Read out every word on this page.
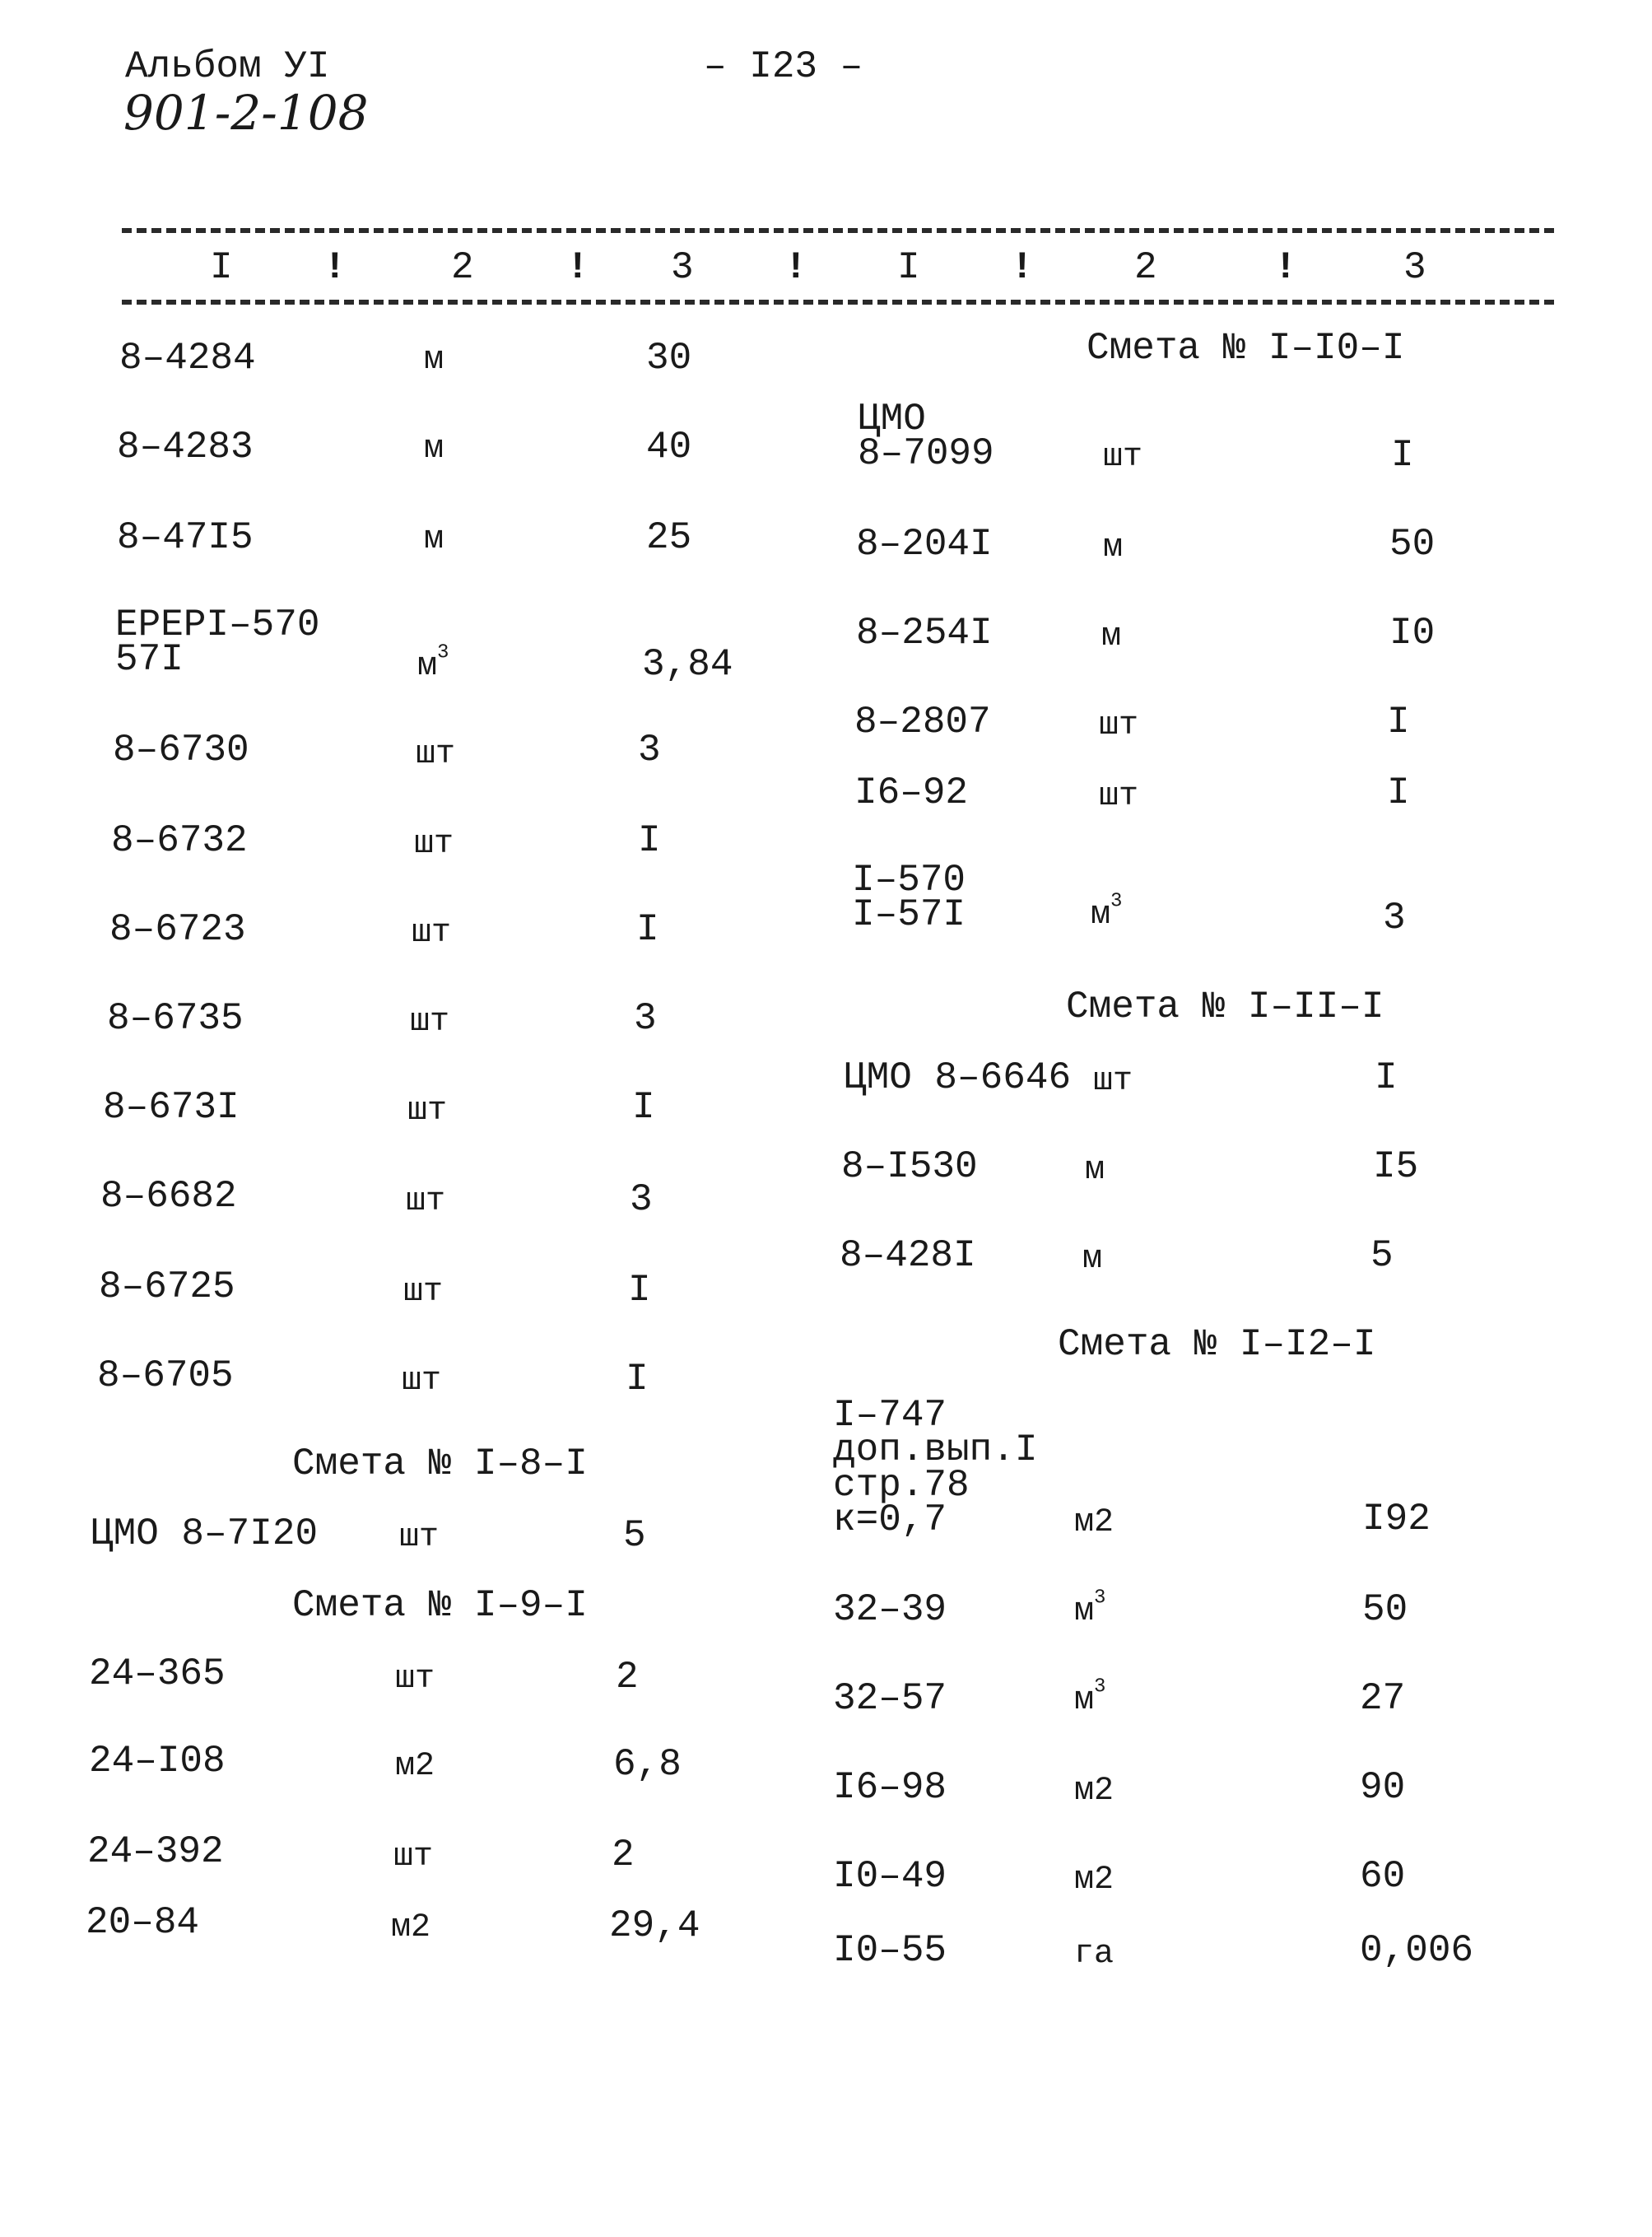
Альбом УI
901-2-108
– I23 –
I !	2 ! 3 ! I !	2	!	3
8–4284	м	30
8–4283	м	40
8–47I5	м	25
ЕРЕРI–570
57I	$м^3$	3,84
8–6730	шт	3
8–6732	шт	I
8–6723	шт	I
8–6735	шт	3
8–673I	шт	I
8–6682	шт	3
8–6725	шт	I
8–6705	шт	I
Смета № I–8–I
ЦМО 8–7I20 шт	5
Смета № I–9–I
24–365	шт	2
24–I08	м2	6,8
24–392	шт	2
20–84	м2	29,4
Смета № I–I0–I
ЦМО
8–7099	шт	I
8–204I	м	50
8–254I	м	I0
8–2807	шт	I
I6–92	шт	I
I–570
I–57I	$м^3$	3
Смета № I–II–I
ЦМО 8–6646 шт	I
8–I530	м	I5
8–428I	м	5
Смета № I–I2–I
I–747
доп.вып.I
стр.78
к=0,7	м2	I92
32–39	$м^3$	50
32–57	$м^3$	27
I6–98	м2	90
I0–49	м2	60
I0–55	га	0,006
